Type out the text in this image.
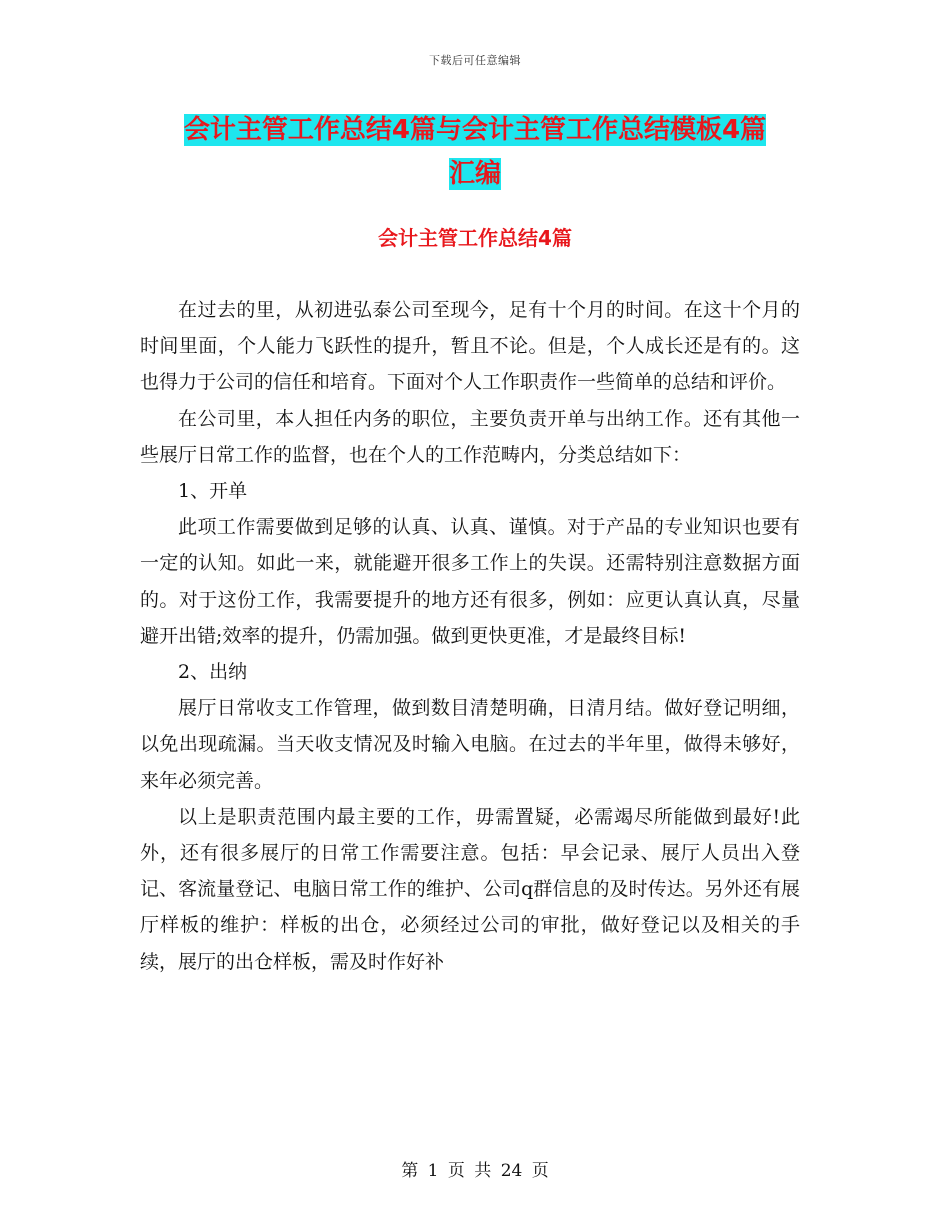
下载后可任意编辑
会计主管工作总结4篇与会计主管工作总结模板4篇
汇编
会计主管工作总结4篇

在过去的里，从初进弘泰公司至现今，足有十个月的时间。在这十个月的时间里面，个人能力飞跃性的提升，暂且不论。但是，个人成长还是有的。这也得力于公司的信任和培育。下面对个人工作职责作一些简单的总结和评价。

在公司里，本人担任内务的职位，主要负责开单与出纳工作。还有其他一些展厅日常工作的监督，也在个人的工作范畴内，分类总结如下：

1、开单

此项工作需要做到足够的认真、认真、谨慎。对于产品的专业知识也要有一定的认知。如此一来，就能避开很多工作上的失误。还需特别注意数据方面的。对于这份工作，我需要提升的地方还有很多，例如：应更认真认真，尽量避开出错;效率的提升，仍需加强。做到更快更准，才是最终目标!

2、出纳

展厅日常收支工作管理，做到数目清楚明确，日清月结。做好登记明细，以免出现疏漏。当天收支情况及时输入电脑。在过去的半年里，做得未够好，来年必须完善。

以上是职责范围内最主要的工作，毋需置疑，必需竭尽所能做到最好!此外，还有很多展厅的日常工作需要注意。包括：早会记录、展厅人员出入登记、客流量登记、电脑日常工作的维护、公司q群信息的及时传达。另外还有展厅样板的维护：样板的出仓，必须经过公司的审批，做好登记以及相关的手续，展厅的出仓样板，需及时作好补

第 1 页 共 24 页
